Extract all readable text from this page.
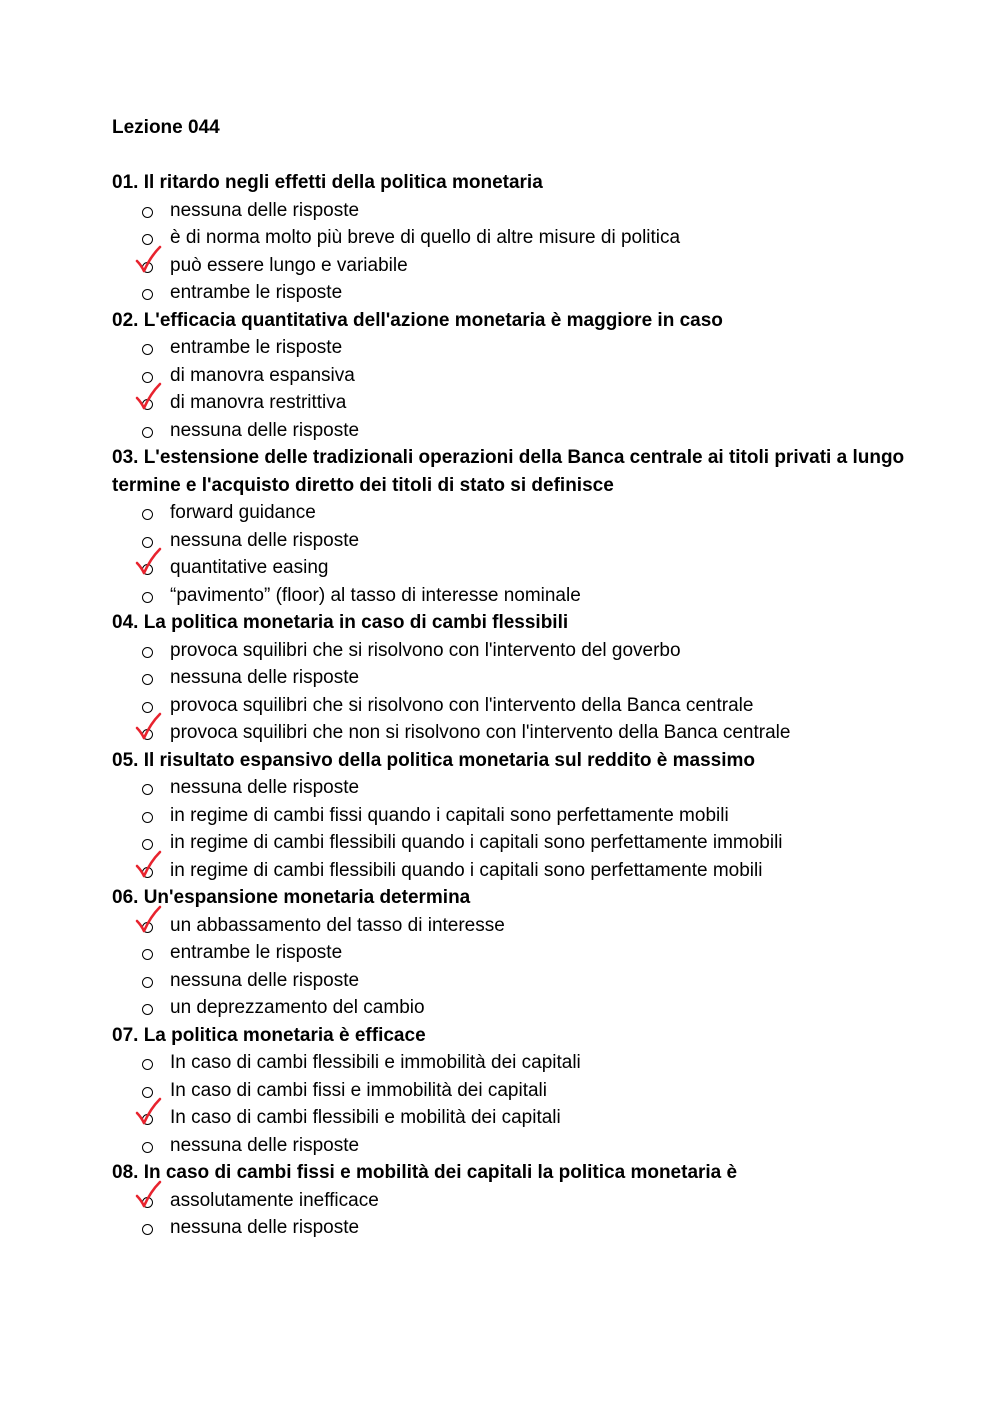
Lezione 044

01. Il ritardo negli effetti della politica monetaria

nessuna delle risposte
è di norma molto più breve di quello di altre misure di politica
può essere lungo e variabile
entrambe le risposte

02. L'efficacia quantitativa dell'azione monetaria è maggiore in caso

entrambe le risposte
di manovra espansiva
di manovra restrittiva
nessuna delle risposte

03. L'estensione delle tradizionali operazioni della Banca centrale ai titoli privati a lungo termine e l'acquisto diretto dei titoli di stato si definisce

forward guidance
nessuna delle risposte
quantitative easing
“pavimento” (floor) al tasso di interesse nominale

04. La politica monetaria in caso di cambi flessibili

provoca squilibri che si risolvono con l'intervento del goverbo
nessuna delle risposte
provoca squilibri che si risolvono con l'intervento della Banca centrale
provoca squilibri che non si risolvono con l'intervento della Banca centrale

05. Il risultato espansivo della politica monetaria sul reddito è massimo

nessuna delle risposte
in regime di cambi fissi quando i capitali sono perfettamente mobili
in regime di cambi flessibili quando i capitali sono perfettamente immobili
in regime di cambi flessibili quando i capitali sono perfettamente mobili

06. Un'espansione monetaria determina

un abbassamento del tasso di interesse
entrambe le risposte
nessuna delle risposte
un deprezzamento del cambio

07. La politica monetaria è efficace

In caso di cambi flessibili e immobilità dei capitali
In caso di cambi fissi e immobilità dei capitali
In caso di cambi flessibili e mobilità dei capitali
nessuna delle risposte

08. In caso di cambi fissi e mobilità dei capitali la politica monetaria è

assolutamente inefficace
nessuna delle risposte
